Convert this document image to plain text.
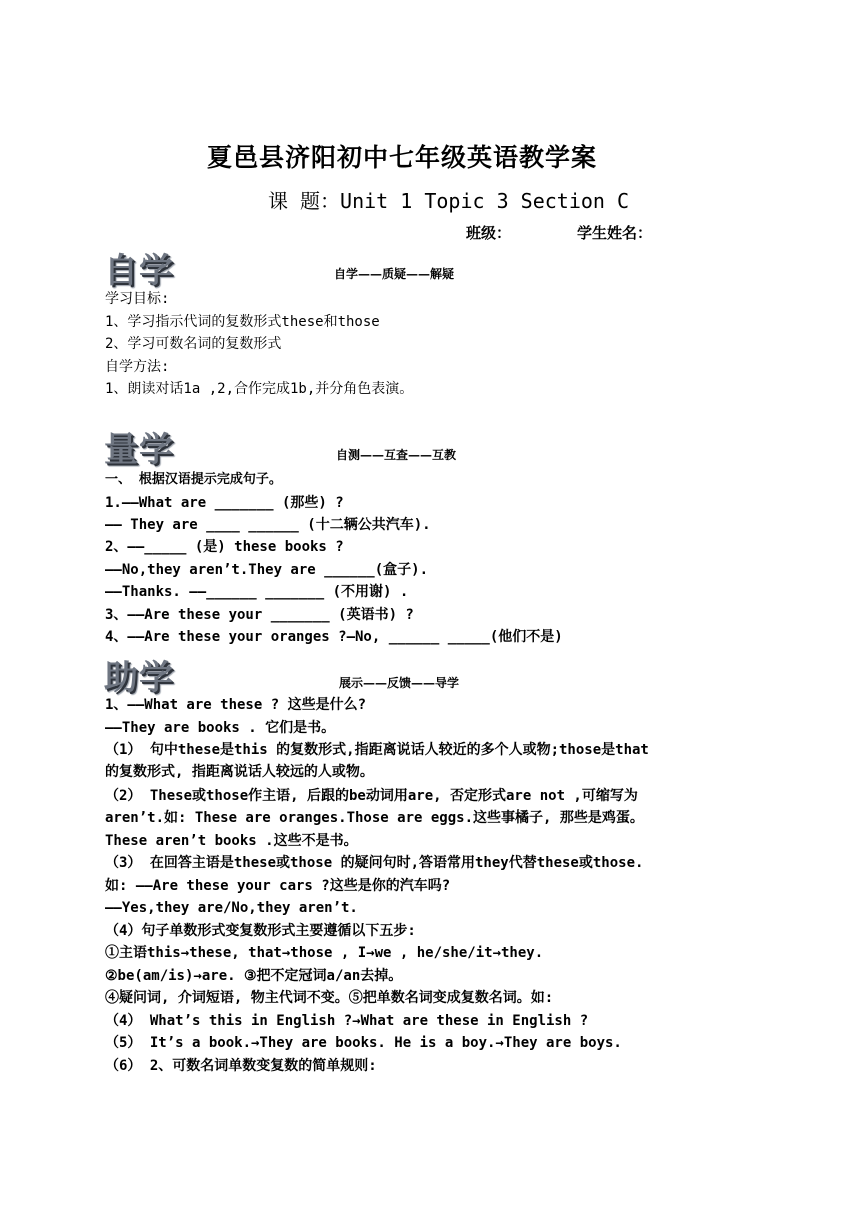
夏邑县济阳初中七年级英语教学案
课 题：Unit 1 Topic 3 Section C
班级：	学生姓名：
自学	自学——质疑——解疑
学习目标:
1、学习指示代词的复数形式these和those
2、学习可数名词的复数形式
自学方法:
1、朗读对话1a ,2,合作完成1b,并分角色表演。
量学	自测——互查——互教
一、 根据汉语提示完成句子。
1.——What are _______ (那些) ?
—— They are ____ ______ (十二辆公共汽车).
2、——_____ (是) these books ?
——No,they aren’t.They are ______(盒子).
——Thanks. ——______ _______ (不用谢) .
3、——Are these your _______ (英语书) ?
4、——Are these your oranges ?—No, ______ _____(他们不是)
助学	展示——反馈——导学
1、——What are these ? 这些是什么?
——They are books . 它们是书。
（1） 句中these是this 的复数形式,指距离说话人较近的多个人或物;those是that
的复数形式, 指距离说话人较远的人或物。
（2） These或those作主语, 后跟的be动词用are, 否定形式are not ,可缩写为
aren’t.如: These are oranges.Those are eggs.这些事橘子, 那些是鸡蛋。
These aren’t books .这些不是书。
（3） 在回答主语是these或those 的疑问句时,答语常用they代替these或those.
如: ——Are these your cars ?这些是你的汽车吗?
——Yes,they are/No,they aren’t.
（4）句子单数形式变复数形式主要遵循以下五步:
①主语this→these, that→those , I→we , he/she/it→they.
②be(am/is)→are. ③把不定冠词a/an去掉。
④疑问词, 介词短语, 物主代词不变。⑤把单数名词变成复数名词。如:
（4） What’s this in English ?→What are these in English ?
（5） It’s a book.→They are books. He is a boy.→They are boys.
（6） 2、可数名词单数变复数的简单规则:
